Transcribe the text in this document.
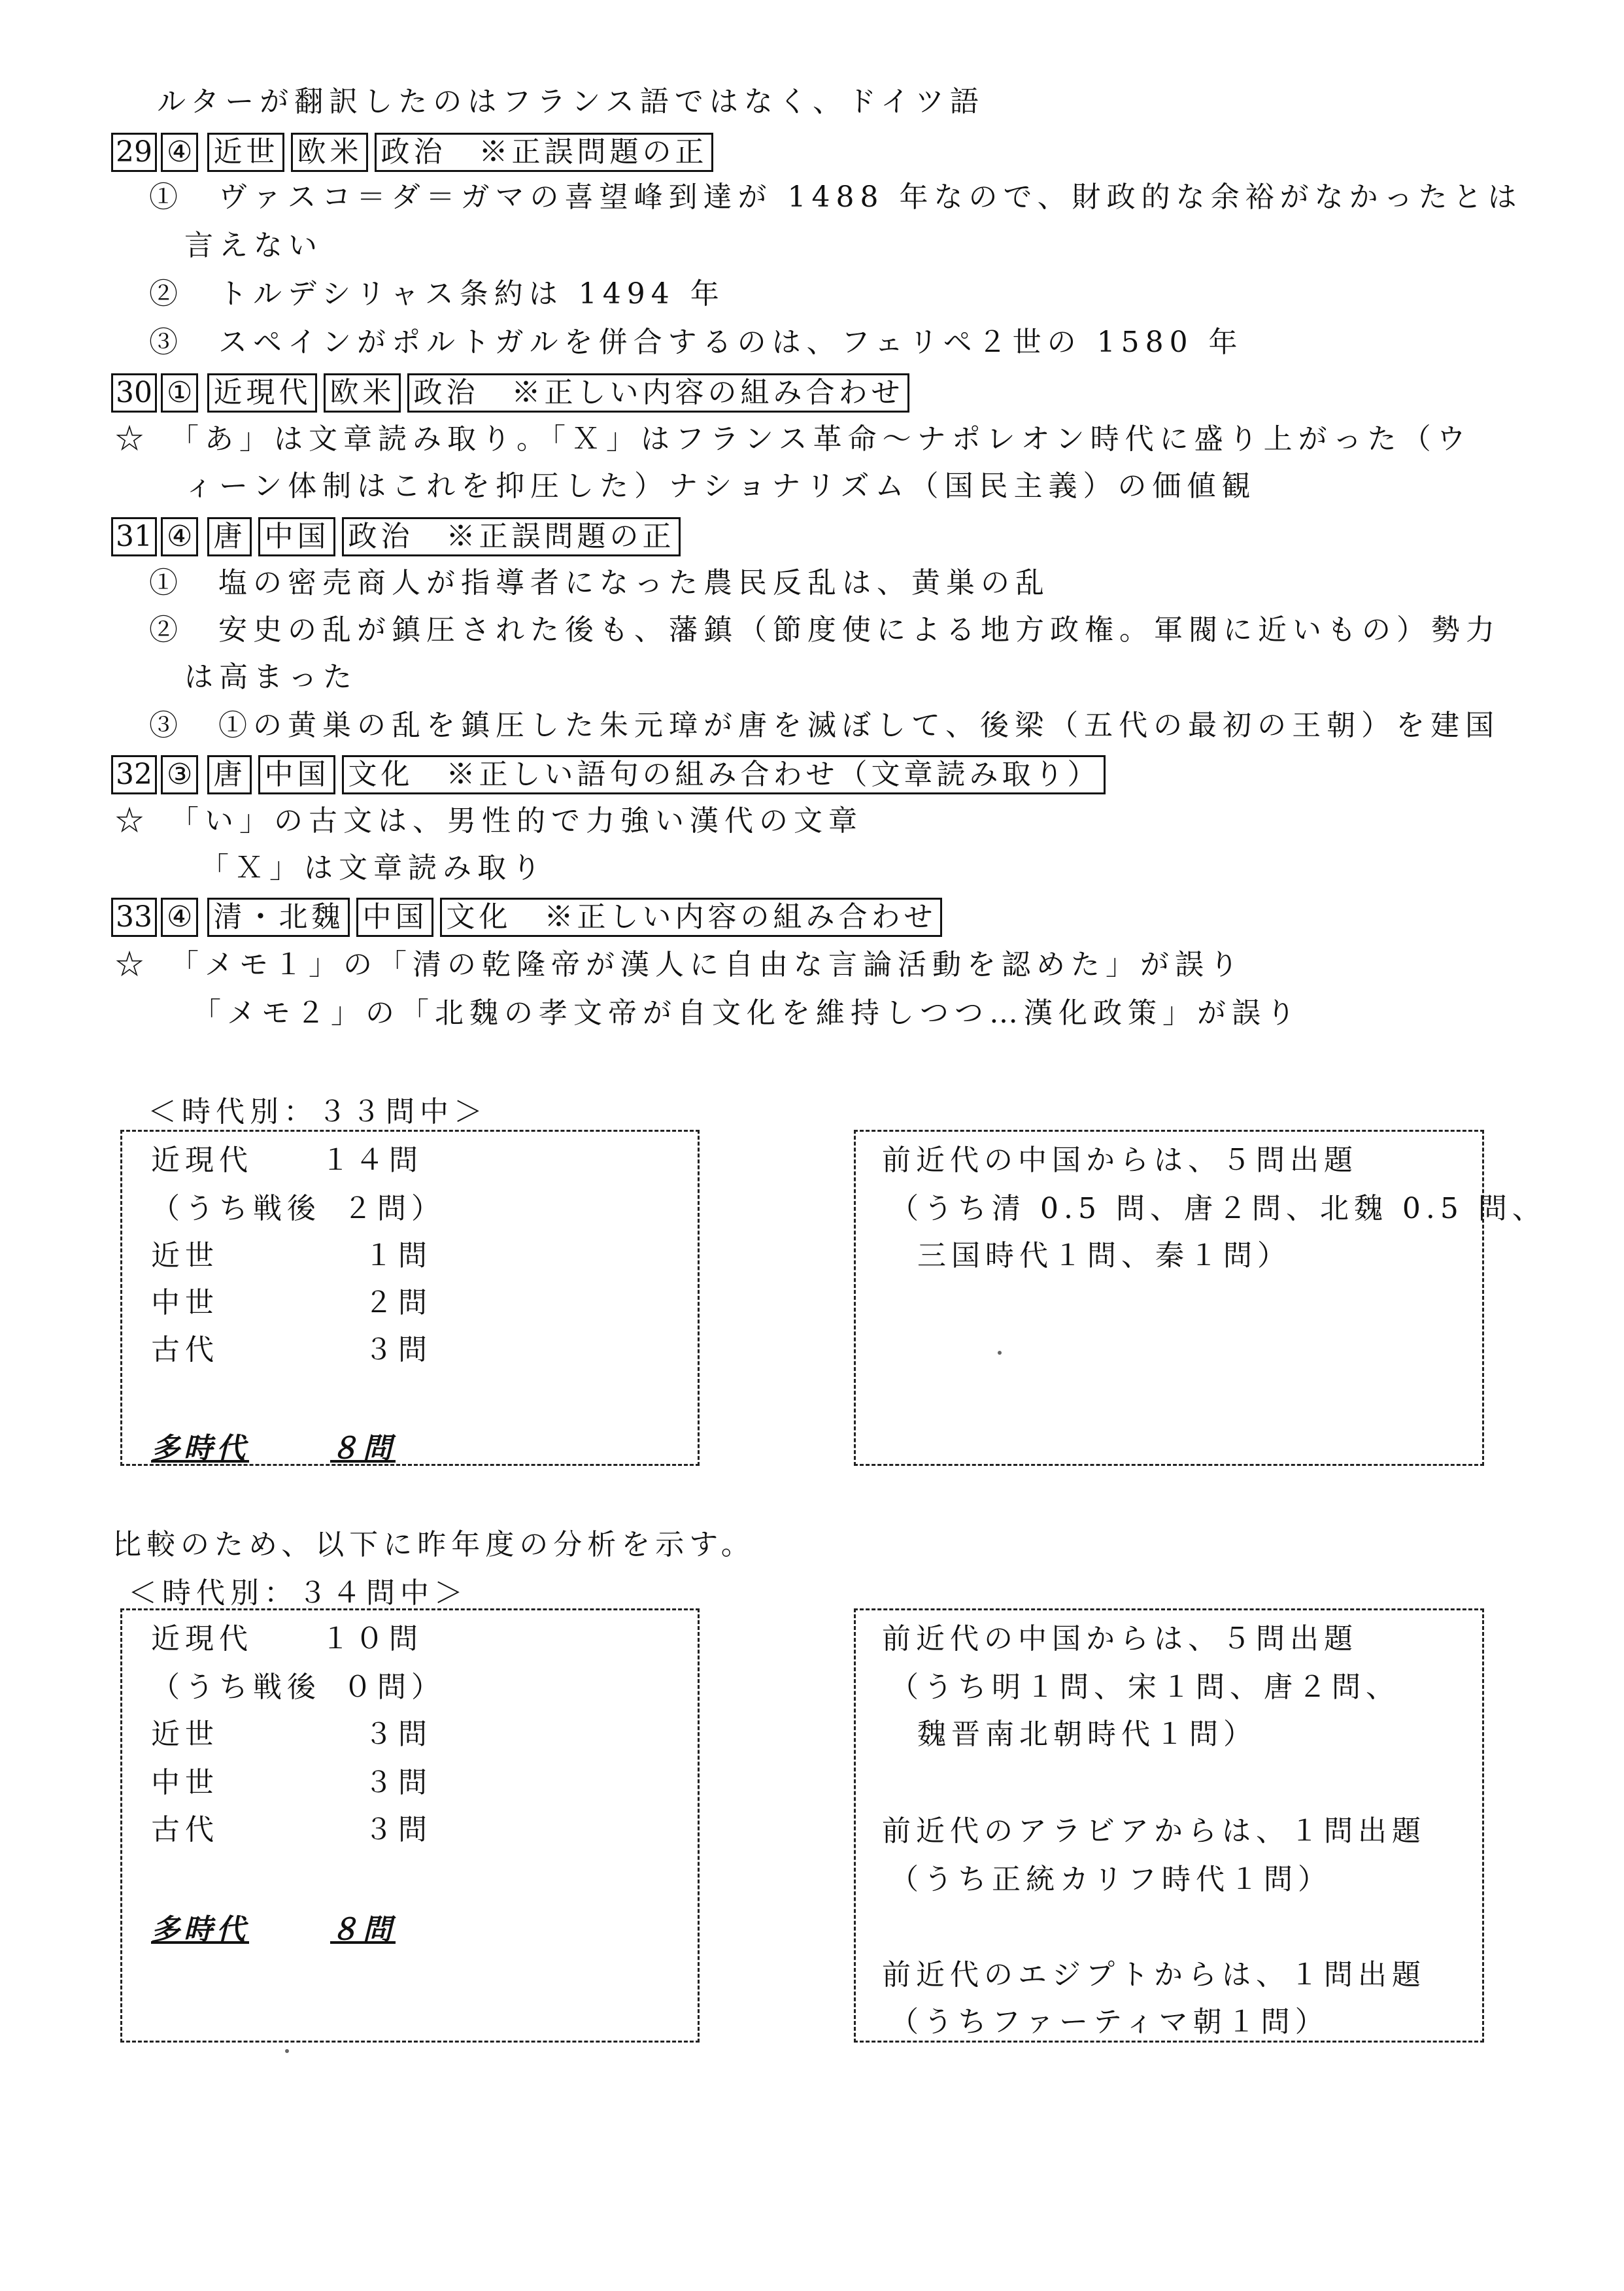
ルターが翻訳したのはフランス語ではなく、ドイツ語
29 ④ 近世 欧米 政治　※正誤問題の正
①　ヴァスコ＝ダ＝ガマの喜望峰到達が 1488 年なので、財政的な余裕がなかったとは
言えない
②　トルデシリャス条約は 1494 年
③　スペインがポルトガルを併合するのは、フェリペ２世の 1580 年
30 ① 近現代 欧米 政治　※正しい内容の組み合わせ
☆　「あ」は文章読み取り。「Ｘ」はフランス革命～ナポレオン時代に盛り上がった（ウ
ィーン体制はこれを抑圧した）ナショナリズム（国民主義）の価値観
31 ④ 唐 中国 政治　※正誤問題の正
①　塩の密売商人が指導者になった農民反乱は、黄巣の乱
②　安史の乱が鎮圧された後も、藩鎮（節度使による地方政権。軍閥に近いもの）勢力
は高まった
③　①の黄巣の乱を鎮圧した朱元璋が唐を滅ぼして、後梁（五代の最初の王朝）を建国
32 ③ 唐 中国 文化　※正しい語句の組み合わせ（文章読み取り）
☆　「い」の古文は、男性的で力強い漢代の文章
「Ｘ」は文章読み取り
33 ④ 清・北魏 中国 文化　※正しい内容の組み合わせ
☆　「メモ１」の「清の乾隆帝が漢人に自由な言論活動を認めた」が誤り
「メモ２」の「北魏の孝文帝が自文化を維持しつつ…漢化政策」が誤り
＜時代別：３３問中＞
近現代 １４問
（うち戦後 ２問）
近世	１問
中世	２問
古代	３問
多時代	８問
前近代の中国からは、５問出題
（うち清 0.5 問、唐２問、北魏 0.5 問、
三国時代１問、秦１問）
比較のため、以下に昨年度の分析を示す。
＜時代別：３４問中＞
近現代 １０問
（うち戦後 ０問）
近世	３問
中世	３問
古代	３問
多時代	８問
前近代の中国からは、５問出題
（うち明１問、宋１問、唐２問、
魏晋南北朝時代１問）
前近代のアラビアからは、１問出題
（うち正統カリフ時代１問）
前近代のエジプトからは、１問出題
（うちファーティマ朝１問）
